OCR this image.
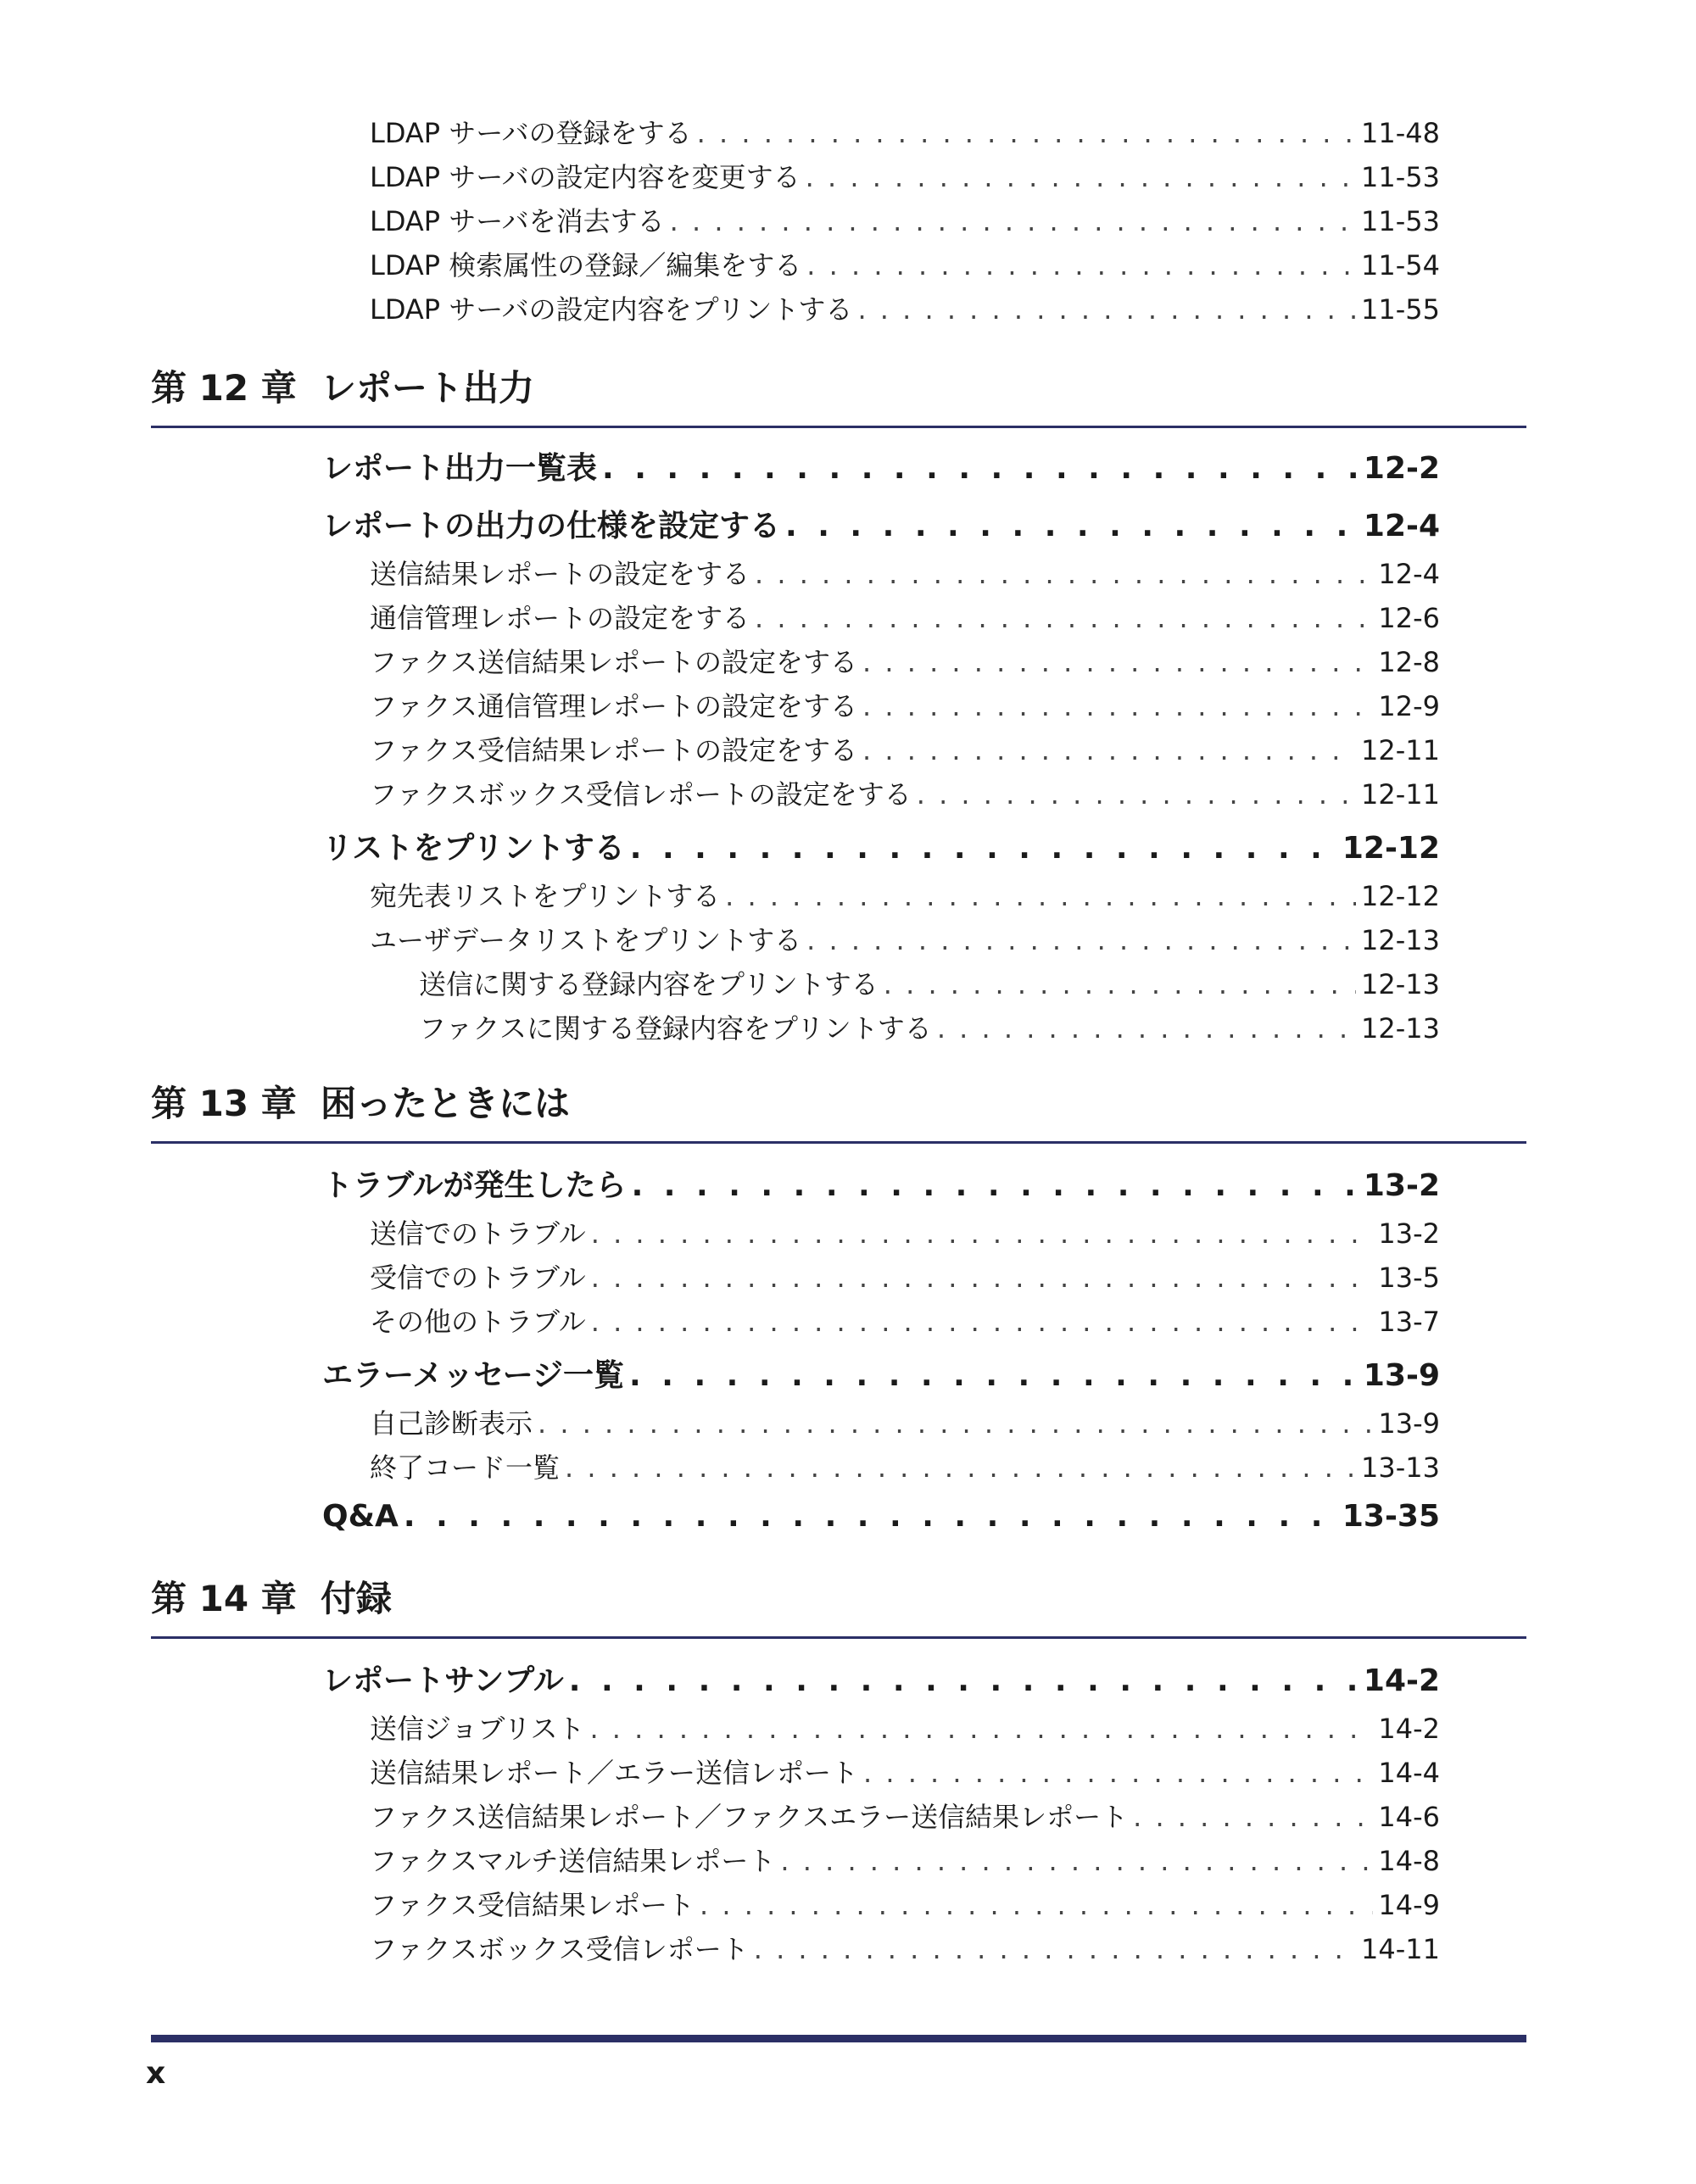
LDAP サーバの登録をする . . .	11-48
LDAP サーバの設定内容を変更する . . .	11-53
LDAP サーバを消去する . . .	11-53
LDAP 検索属性の登録／編集をする . . .	11-54
LDAP サーバの設定内容をプリントする . . .	11-55
第 12 章 レポート出力
レポート出力一覧表 . . .	12-2
レポートの出力の仕様を設定する . . .	12-4
送信結果レポートの設定をする . . .	12-4
通信管理レポートの設定をする . . .	12-6
ファクス送信結果レポートの設定をする . . .	12-8
ファクス通信管理レポートの設定をする . . .	12-9
ファクス受信結果レポートの設定をする . . .	12-11
ファクスボックス受信レポートの設定をする . . .	12-11
リストをプリントする . . .	12-12
宛先表リストをプリントする . . .	12-12
ユーザデータリストをプリントする . . .	12-13
送信に関する登録内容をプリントする . . .	12-13
ファクスに関する登録内容をプリントする . . .	12-13
第 13 章 困ったときには
トラブルが発生したら . . .	13-2
送信でのトラブル . . .	13-2
受信でのトラブル . . .	13-5
その他のトラブル . . .	13-7
エラーメッセージ一覧 . . .	13-9
自己診断表示 . . .	13-9
終了コード一覧 . . .	13-13
Q&A . . .	13-35
第 14 章 付録
レポートサンプル . . .	14-2
送信ジョブリスト . . .	14-2
送信結果レポート／エラー送信レポート . . .	14-4
ファクス送信結果レポート／ファクスエラー送信結果レポート . . .	14-6
ファクスマルチ送信結果レポート . . .	14-8
ファクス受信結果レポート . . .	14-9
ファクスボックス受信レポート . . .	14-11
x
